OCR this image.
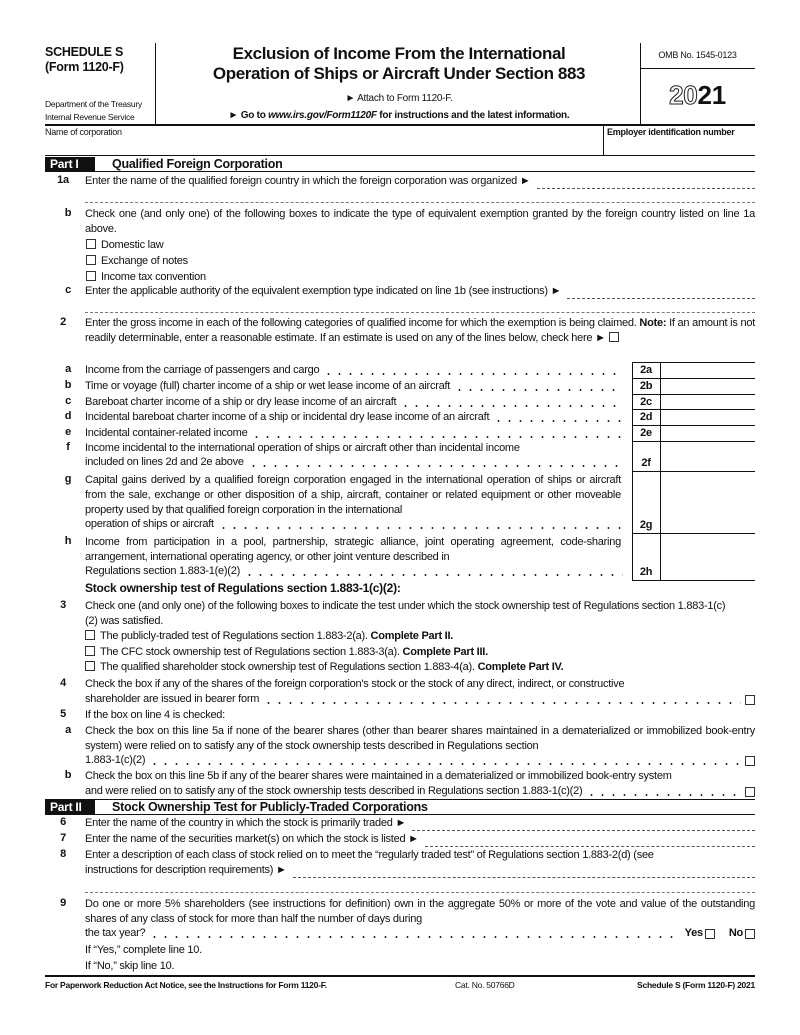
SCHEDULE S
(Form 1120-F)
Department of the Treasury
Internal Revenue Service
Exclusion of Income From the International
Operation of Ships or Aircraft Under Section 883
► Attach to Form 1120-F.
► Go to www.irs.gov/Form1120F for instructions and the latest information.
OMB No. 1545-0123
2021
Name of corporation	Employer identification number
Part I	Qualified Foreign Corporation
1a	Enter the name of the qualified foreign country in which the foreign corporation was organized ►
b	Check one (and only one) of the following boxes to indicate the type of equivalent exemption granted by the foreign country listed on line 1a above.
Domestic law
Exchange of notes
Income tax convention
c	Enter the applicable authority of the equivalent exemption type indicated on line 1b (see instructions) ►
2	Enter the gross income in each of the following categories of qualified income for which the exemption is being claimed. Note: If an amount is not readily determinable, enter a reasonable estimate. If an estimate is used on any of the lines below, check here ►
a	Income from the carriage of passengers and cargo	2a
b	Time or voyage (full) charter income of a ship or wet lease income of an aircraft	2b
c	Bareboat charter income of a ship or dry lease income of an aircraft	2c
d	Incidental bareboat charter income of a ship or incidental dry lease income of an aircraft	2d
e	Incidental container-related income	2e
f	Income incidental to the international operation of ships or aircraft other than incidental income
included on lines 2d and 2e above	2f
g	Capital gains derived by a qualified foreign corporation engaged in the international operation of ships or aircraft from the sale, exchange or other disposition of a ship, aircraft, container or related equipment or other moveable property used by that qualified foreign corporation in the international
operation of ships or aircraft	2g
h	Income from participation in a pool, partnership, strategic alliance, joint operating agreement, code-sharing arrangement, international operating agency, or other joint venture described in
Regulations section 1.883-1(e)(2)	2h
Stock ownership test of Regulations section 1.883-1(c)(2):
3	Check one (and only one) of the following boxes to indicate the test under which the stock ownership test of Regulations section 1.883-1(c)(2) was satisfied.
The publicly-traded test of Regulations section 1.883-2(a). Complete Part II.
The CFC stock ownership test of Regulations section 1.883-3(a). Complete Part III.
The qualified shareholder stock ownership test of Regulations section 1.883-4(a). Complete Part IV.
4	Check the box if any of the shares of the foreign corporation's stock or the stock of any direct, indirect, or constructive
shareholder are issued in bearer form
5	If the box on line 4 is checked:
a	Check the box on this line 5a if none of the bearer shares (other than bearer shares maintained in a dematerialized or immobilized book-entry system) were relied on to satisfy any of the stock ownership tests described in Regulations section
1.883-1(c)(2)
b	Check the box on this line 5b if any of the bearer shares were maintained in a dematerialized or immobilized book-entry system
and were relied on to satisfy any of the stock ownership tests described in Regulations section 1.883-1(c)(2)
Part II	Stock Ownership Test for Publicly-Traded Corporations
6	Enter the name of the country in which the stock is primarily traded ►
7	Enter the name of the securities market(s) on which the stock is listed ►
8	Enter a description of each class of stock relied on to meet the “regularly traded test” of Regulations section 1.883-2(d) (see
instructions for description requirements) ►
9	Do one or more 5% shareholders (see instructions for definition) own in the aggregate 50% or more of the vote and value of the outstanding shares of any class of stock for more than half the number of days during
the tax year?	Yes No
If “Yes,” complete line 10.
If “No,” skip line 10.
For Paperwork Reduction Act Notice, see the Instructions for Form 1120-F.	Cat. No. 50766D	Schedule S (Form 1120-F) 2021
